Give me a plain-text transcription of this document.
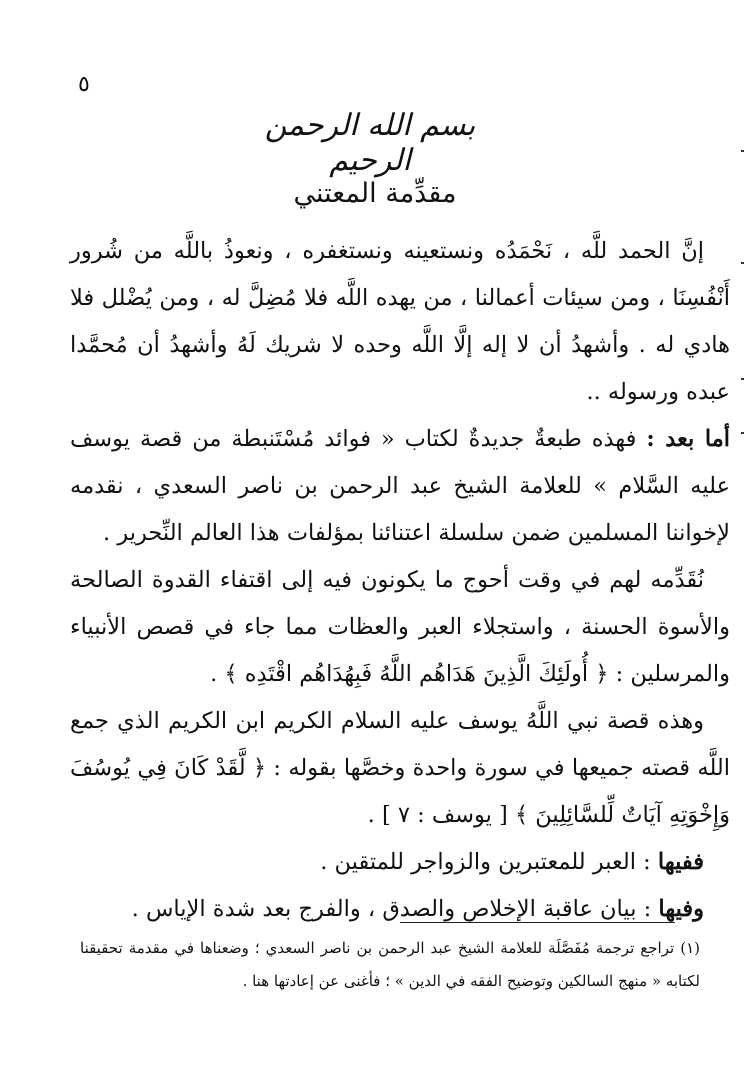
٥
بسم الله الرحمن الرحيم
مقدِّمة المعتني

إنَّ الحمد للَّه ، نَحْمَدُه ونستعينه ونستغفره ، ونعوذُ باللَّه من شُرور أَنْفُسِنَا ، ومن سيئات أعمالنا ، من يهده اللَّه فلا مُضِلَّ له ، ومن يُضْلل فلا هادي له . وأشهدُ أن لا إله إلَّا اللَّه وحده لا شريك لَهُ وأشهدُ أن مُحمَّدا عبده ورسوله ..

أما بعد : فهذه طبعةٌ جديدةٌ لكتاب « فوائد مُسْتَنبطة من قصة يوسف عليه السَّلام » للعلامة الشيخ عبد الرحمن بن ناصر السعدي ، نقدمه لإخواننا المسلمين ضمن سلسلة اعتنائنا بمؤلفات هذا العالم النِّحرير .

نُقَدِّمه لهم في وقت أحوج ما يكونون فيه إلى اقتفاء القدوة الصالحة والأسوة الحسنة ، واستجلاء العبر والعظات مما جاء في قصص الأنبياء والمرسلين : ﴿ أُولَئِكَ الَّذِينَ هَدَاهُم اللَّهُ فَبِهُدَاهُم اقْتَدِه ﴾ .

وهذه قصة نبي اللَّهُ يوسف عليه السلام الكريم ابن الكريم الذي جمع اللَّه قصته جميعها في سورة واحدة وخصَّها بقوله : ﴿ لَّقَدْ كَانَ فِي يُوسُفَ وَإِخْوَتِهِ آيَاتٌ لِّلسَّائِلِينَ ﴾ [ يوسف : ٧ ] .

ففيها : العبر للمعتبرين والزواجر للمتقين .

وفيها : بيان عاقبة الإخلاص والصدق ، والفرج بعد شدة الإياس .

(١) تراجع ترجمة مُفَصَّلَة للعلامة الشيخ عبد الرحمن بن ناصر السعدي ؛ وضعناها في مقدمة تحقيقنا لكتابه « منهج السالكين وتوضيح الفقه في الدين » ؛ فأغنى عن إعادتها هنا .
